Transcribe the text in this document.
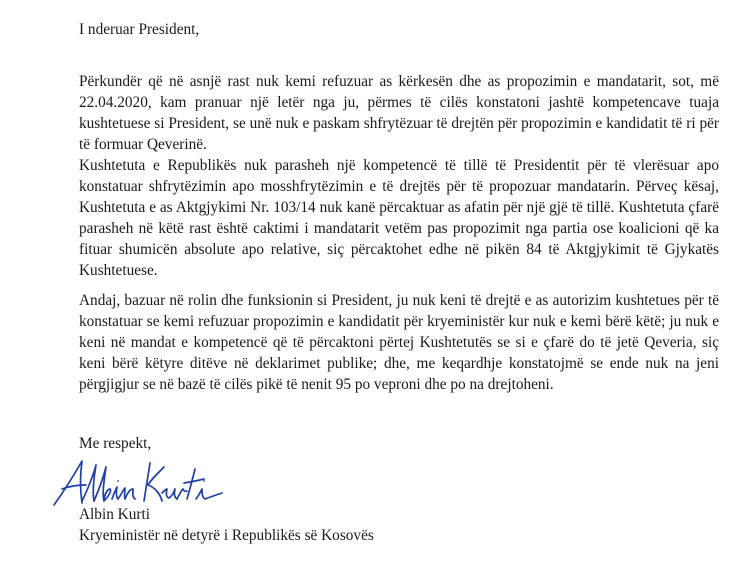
I nderuar President,

Përkundër që në asnjë rast nuk kemi refuzuar as kërkesën dhe as propozimin e mandatarit, sot, më 22.04.2020, kam pranuar një letër nga ju, përmes të cilës konstatoni jashtë kompetencave tuaja kushtetuese si President, se unë nuk e paskam shfrytëzuar të drejtën për propozimin e kandidatit të ri për të formuar Qeverinë.

Kushtetuta e Republikës nuk parasheh një kompetencë të tillë të Presidentit për të vlerësuar apo konstatuar shfrytëzimin apo mosshfrytëzimin e të drejtës për të propozuar mandatarin. Përveç kësaj, Kushtetuta e as Aktgjykimi Nr. 103/14 nuk kanë përcaktuar as afatin për një gjë të tillë. Kushtetuta çfarë parasheh në këtë rast është caktimi i mandatarit vetëm pas propozimit nga partia ose koalicioni që ka fituar shumicën absolute apo relative, siç përcaktohet edhe në pikën 84 të Aktgjykimit të Gjykatës Kushtetuese.

Andaj, bazuar në rolin dhe funksionin si President, ju nuk keni të drejtë e as autorizim kushtetues për të konstatuar se kemi refuzuar propozimin e kandidatit për kryeministër kur nuk e kemi bërë këtë; ju nuk e keni në mandat e kompetencë që të përcaktoni përtej Kushtetutës se si e çfarë do të jetë Qeveria, siç keni bërë këtyre ditëve në deklarimet publike; dhe, me keqardhje konstatojmë se ende nuk na jeni përgjigjur se në bazë të cilës pikë të nenit 95 po veproni dhe po na drejtoheni.

Me respekt,
Albin Kurti
Kryeministër në detyrë i Republikës së Kosovës
